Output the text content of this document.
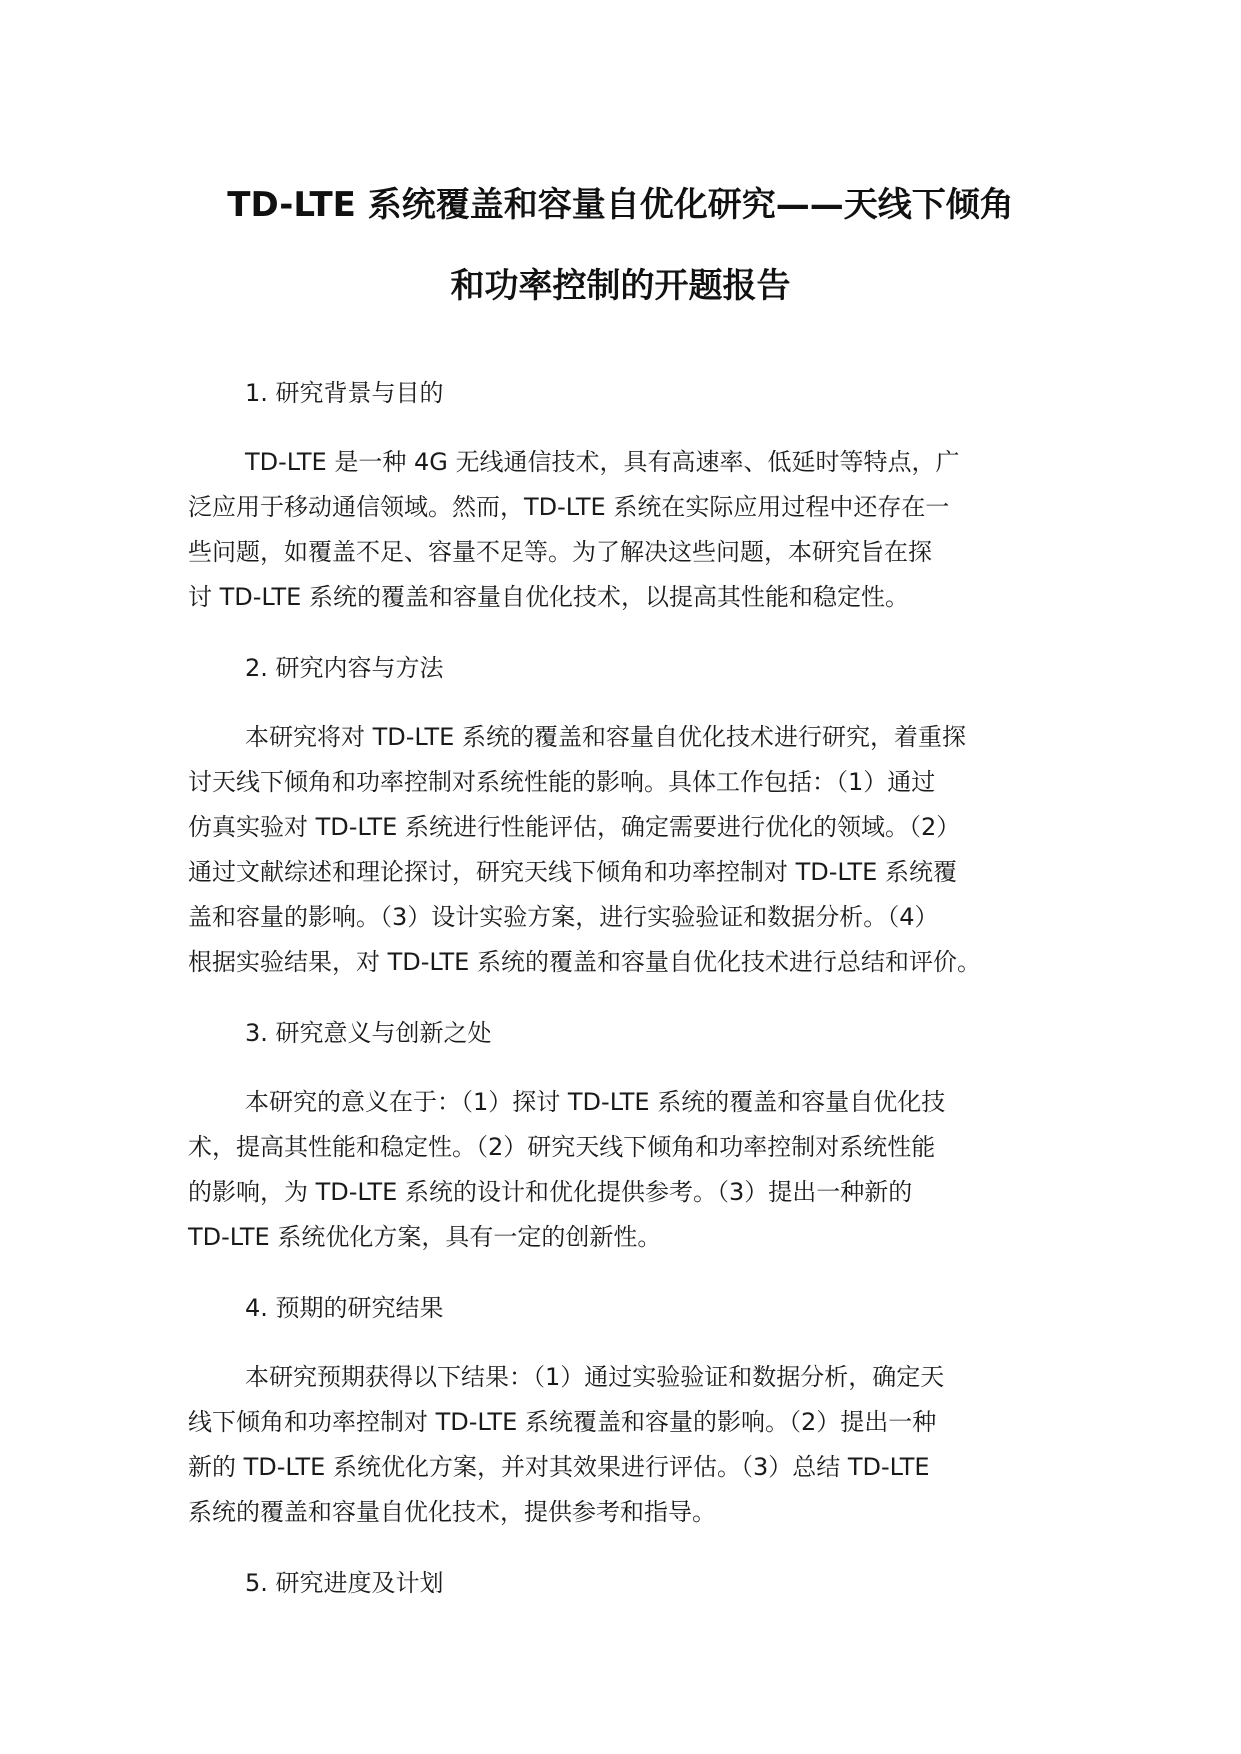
TD-LTE 系统覆盖和容量自优化研究——天线下倾角
和功率控制的开题报告
1. 研究背景与目的
TD-LTE 是一种 4G 无线通信技术，具有高速率、低延时等特点，广
泛应用于移动通信领域。然而，TD-LTE 系统在实际应用过程中还存在一
些问题，如覆盖不足、容量不足等。为了解决这些问题，本研究旨在探
讨 TD-LTE 系统的覆盖和容量自优化技术，以提高其性能和稳定性。
2. 研究内容与方法
本研究将对 TD-LTE 系统的覆盖和容量自优化技术进行研究，着重探
讨天线下倾角和功率控制对系统性能的影响。具体工作包括：（1）通过
仿真实验对 TD-LTE 系统进行性能评估，确定需要进行优化的领域。（2）
通过文献综述和理论探讨，研究天线下倾角和功率控制对 TD-LTE 系统覆
盖和容量的影响。（3）设计实验方案，进行实验验证和数据分析。（4）
根据实验结果，对 TD-LTE 系统的覆盖和容量自优化技术进行总结和评价。
3. 研究意义与创新之处
本研究的意义在于：（1）探讨 TD-LTE 系统的覆盖和容量自优化技
术，提高其性能和稳定性。（2）研究天线下倾角和功率控制对系统性能
的影响，为 TD-LTE 系统的设计和优化提供参考。（3）提出一种新的
TD-LTE 系统优化方案，具有一定的创新性。
4. 预期的研究结果
本研究预期获得以下结果：（1）通过实验验证和数据分析，确定天
线下倾角和功率控制对 TD-LTE 系统覆盖和容量的影响。（2）提出一种
新的 TD-LTE 系统优化方案，并对其效果进行评估。（3）总结 TD-LTE
系统的覆盖和容量自优化技术，提供参考和指导。
5. 研究进度及计划
